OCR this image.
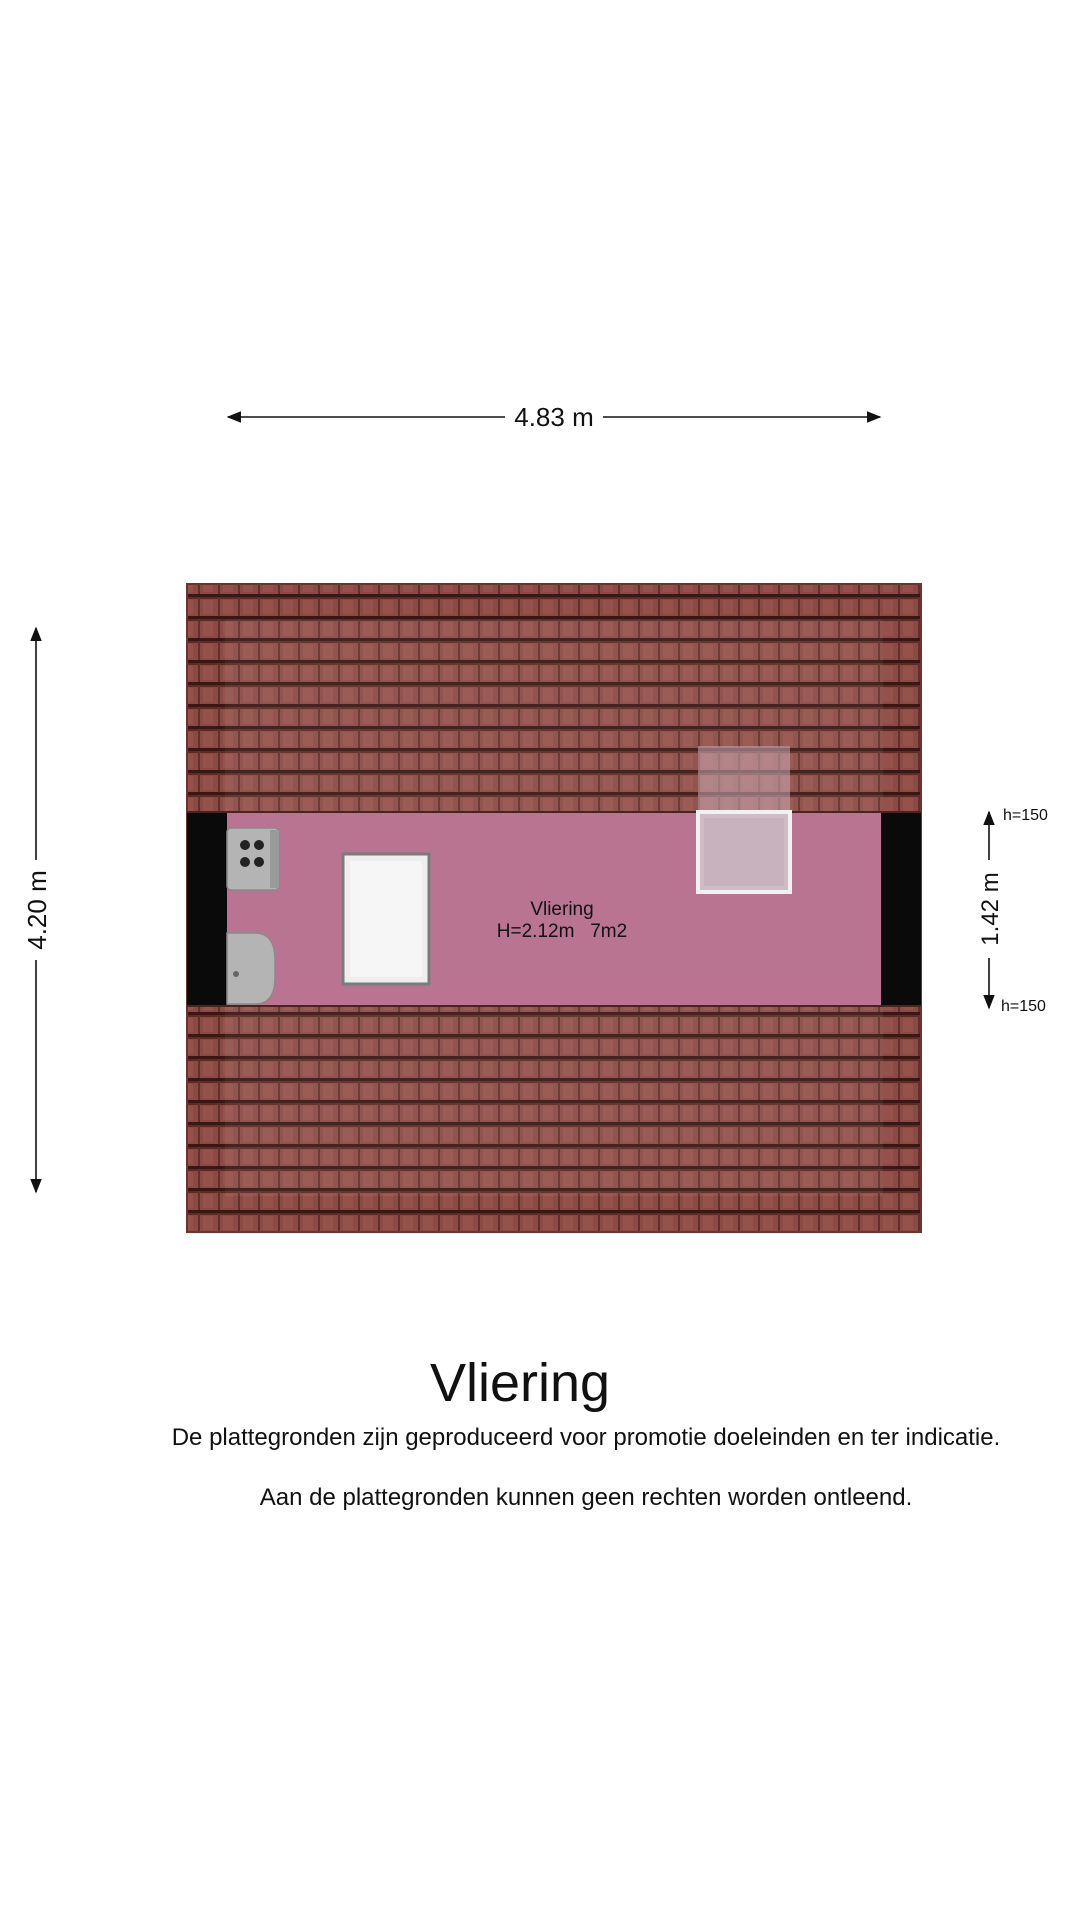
4.83 m
4.20 m	Vliering
H=2.12m   7m2	1.42 m
h=150
h=150
Vliering

De plattegronden zijn geproduceerd voor promotie doeleinden en ter indicatie.

Aan de plattegronden kunnen geen rechten worden ontleend.
